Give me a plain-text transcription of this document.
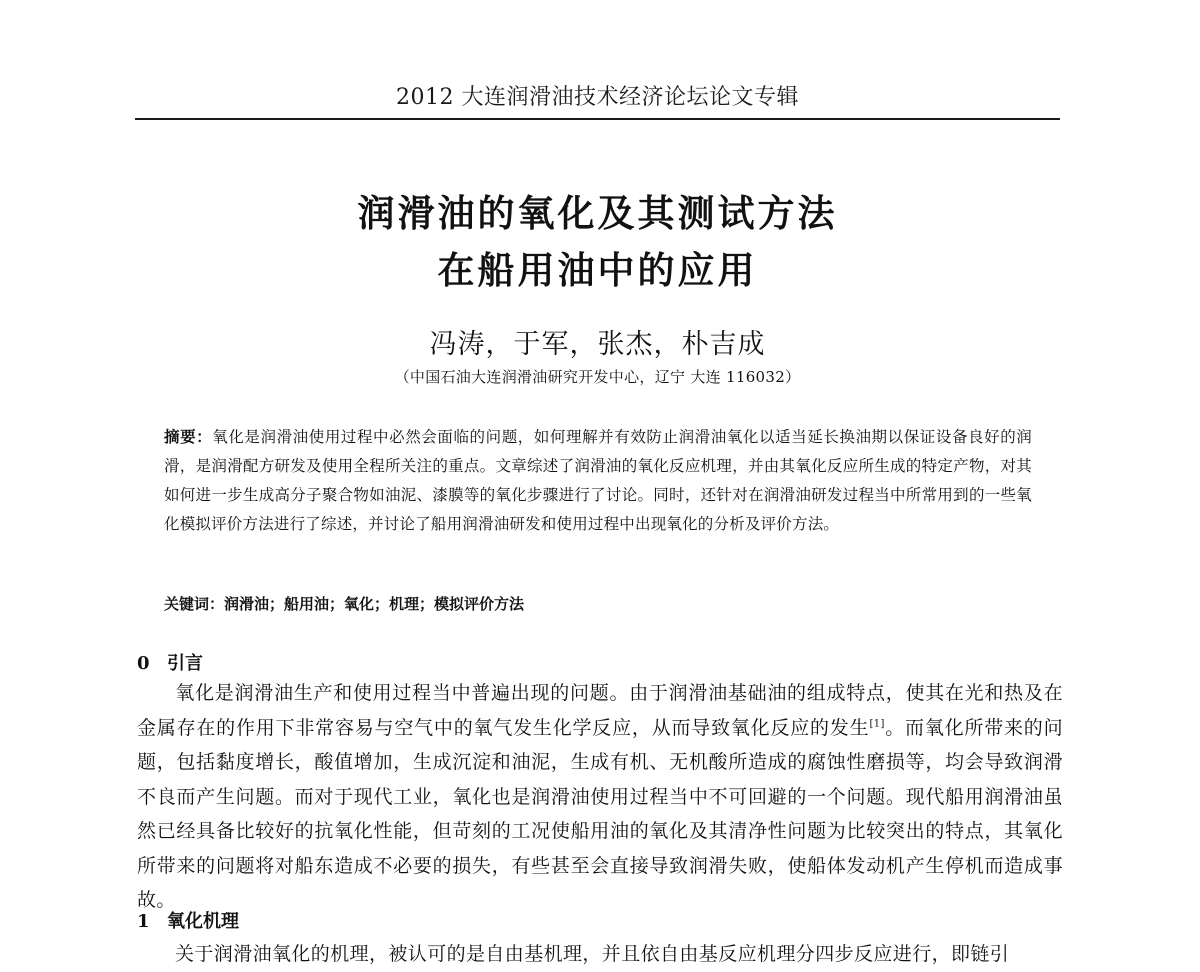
2012 大连润滑油技术经济论坛论文专辑
润滑油的氧化及其测试方法
在船用油中的应用
冯涛，于军，张杰，朴吉成
（中国石油大连润滑油研究开发中心，辽宁 大连 116032）
摘要：氧化是润滑油使用过程中必然会面临的问题，如何理解并有效防止润滑油氧化以适当延长换油期以保证设备良好的润滑，是润滑配方研发及使用全程所关注的重点。文章综述了润滑油的氧化反应机理，并由其氧化反应所生成的特定产物，对其如何进一步生成高分子聚合物如油泥、漆膜等的氧化步骤进行了讨论。同时，还针对在润滑油研发过程当中所常用到的一些氧化模拟评价方法进行了综述，并讨论了船用润滑油研发和使用过程中出现氧化的分析及评价方法。
关键词：润滑油；船用油；氧化；机理；模拟评价方法
0 引言
氧化是润滑油生产和使用过程当中普遍出现的问题。由于润滑油基础油的组成特点，使其在光和热及在金属存在的作用下非常容易与空气中的氧气发生化学反应，从而导致氧化反应的发生[1]。而氧化所带来的问题，包括黏度增长，酸值增加，生成沉淀和油泥，生成有机、无机酸所造成的腐蚀性磨损等，均会导致润滑不良而产生问题。而对于现代工业，氧化也是润滑油使用过程当中不可回避的一个问题。现代船用润滑油虽然已经具备比较好的抗氧化性能，但苛刻的工况使船用油的氧化及其清净性问题为比较突出的特点，其氧化所带来的问题将对船东造成不必要的损失，有些甚至会直接导致润滑失败，使船体发动机产生停机而造成事故。
1 氧化机理
关于润滑油氧化的机理，被认可的是自由基机理，并且依自由基反应机理分四步反应进行，即链引
